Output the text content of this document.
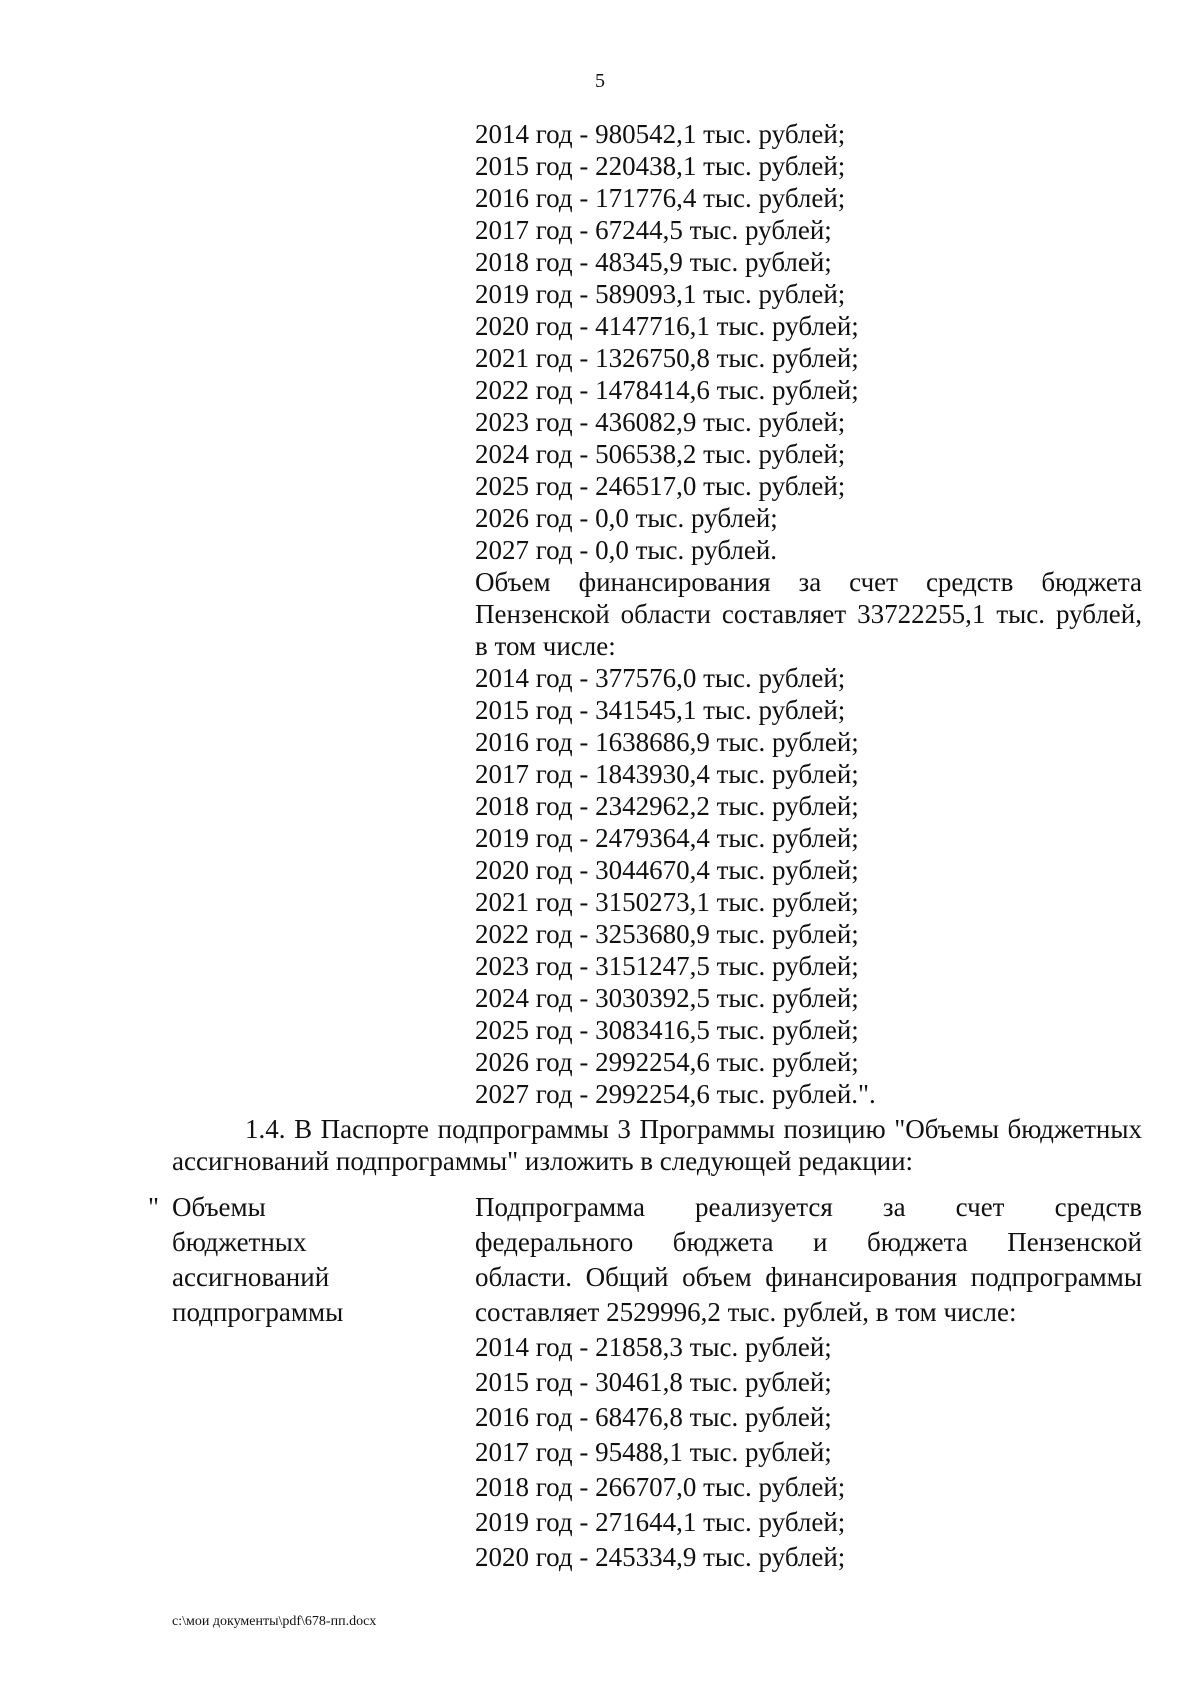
5
2014 год - 980542,1 тыс. рублей;
2015 год - 220438,1 тыс. рублей;
2016 год - 171776,4 тыс. рублей;
2017 год - 67244,5 тыс. рублей;
2018 год - 48345,9 тыс. рублей;
2019 год - 589093,1 тыс. рублей;
2020 год - 4147716,1 тыс. рублей;
2021 год - 1326750,8 тыс. рублей;
2022 год - 1478414,6 тыс. рублей;
2023 год - 436082,9 тыс. рублей;
2024 год - 506538,2 тыс. рублей;
2025 год - 246517,0 тыс. рублей;
2026 год - 0,0 тыс. рублей;
2027 год - 0,0 тыс. рублей.
Объем финансирования за счет средств бюджета
Пензенской области составляет 33722255,1 тыс. рублей,
в том числе:
2014 год - 377576,0 тыс. рублей;
2015 год - 341545,1 тыс. рублей;
2016 год - 1638686,9 тыс. рублей;
2017 год - 1843930,4 тыс. рублей;
2018 год - 2342962,2 тыс. рублей;
2019 год - 2479364,4 тыс. рублей;
2020 год - 3044670,4 тыс. рублей;
2021 год - 3150273,1 тыс. рублей;
2022 год - 3253680,9 тыс. рублей;
2023 год - 3151247,5 тыс. рублей;
2024 год - 3030392,5 тыс. рублей;
2025 год - 3083416,5 тыс. рублей;
2026 год - 2992254,6 тыс. рублей;
2027 год - 2992254,6 тыс. рублей.".
1.4. В Паспорте подпрограммы 3 Программы позицию "Объемы бюджетных
ассигнований подпрограммы" изложить в следующей редакции:
" Объемы
бюджетных
ассигнований
подпрограммы
Подпрограмма реализуется за счет средств
федерального бюджета и бюджета Пензенской
области. Общий объем финансирования подпрограммы
составляет 2529996,2 тыс. рублей, в том числе:
2014 год - 21858,3 тыс. рублей;
2015 год - 30461,8 тыс. рублей;
2016 год - 68476,8 тыс. рублей;
2017 год - 95488,1 тыс. рублей;
2018 год - 266707,0 тыс. рублей;
2019 год - 271644,1 тыс. рублей;
2020 год - 245334,9 тыс. рублей;
c:\мои документы\pdf\678-пп.docx
